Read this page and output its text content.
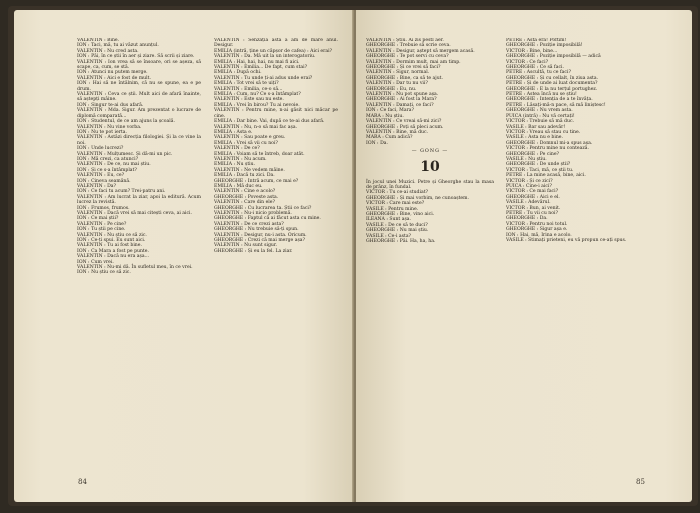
VALENTIN : Bine.

ION : Taci, mă, tu ai văzut anunțul.

VALENTIN : Nu cred asta.

ION : Păi, în ce știi în aer și ziare. Să scrii și ziare.

VALENTIN : Ion vrea să se însoare, ori se așeza, să scape, ca, cum, se stă.

ION : Atunci nu putem merge.

VALENTIN : Aici e fost de mult.

ION : Hai să ne întâlnim, că nu se spune, ea e pe drum.

VALENTIN : Ceva ce știi. Mult aici de afară înainte, să aștepți mâine.

ION : Singur te-ai dus afară.

VALENTIN : Mda. Sigur. Am prezentat o lucrare de diplomă comparată...

ION : Studentul, de ce am ajuns la școală.

VALENTIN : Nu vine vorba.

ION : Nu te pot ierta.

VALENTIN : Astăzi direcția filologiei. Și la ce vine la noi.

ION : Unde lucrezi?

VALENTIN : Mulțumesc. Și dă-mi un pic.

ION : Mă crezi, ca atunci?

VALENTIN : De ce, nu mai știu.

ION : Și ce s-a întâmplat?

VALENTIN : Eu, ce?

ION : Cineva seamănă.

VALENTIN : Da?

ION : Ce faci tu acum? Trei-patru ani.

VALENTIN : Am lucrat la ziar, apoi la editură. Acum lucrez la revistă.

ION : Frumos, frumos.

VALENTIN : Dacă vrei să mai citești ceva, ai aici.

ION : Ce mai știi?

VALENTIN : Pe cine?

ION : Tu știi pe cine.

VALENTIN : Nu știu ce să zic.

ION : Ce-ți spui. Eu sunt aici.

VALENTIN : Tu ai fost bine.

ION : Ca Mara a fost pe punte.

VALENTIN : Dacă nu era așa...

ION : Cum vrei.

VALENTIN : Nu-mi dă. În sufletul meu, în ce vrei.

ION : Nu știu ce să zic.

VALENTIN : Senzația asta a am de mare anul. Desigur.

EMILIA (intră, ține un căpșor de cafea) : Aici erai?

VALENTIN : Da. Mă uit la un interogatoriu.

EMILIA : Hai, hai, hai, nu mai fi aici.

VALENTIN : Emilia... De fapt, cum stai?

EMILIA : După ochi.

VALENTIN : Tu unde ți-ai adus unde erai?

EMILIA : Tot vrei să te uiți?

VALENTIN : Emilia, ce-o să...

EMILIA : Cum, nu? Ce s-a întâmplat?

VALENTIN : Este sau nu este.

EMILIA : Vrei în birou? Tu ai nevoie.

VALENTIN : Pentru mine, n-ai găsit nici măcar pe cine.

EMILIA : Dar bine. Vai, după ce te-ai dus afară.

VALENTIN : Nu, n-o să mai fac așa.

EMILIA : Asta e.

VALENTIN : Sau poate e greu.

EMILIA : Vrei să vii cu noi?

VALENTIN : De ce?

EMILIA : Voiam să te întreb, doar atât.

VALENTIN : Nu acum.

EMILIA : Nu știu.

VALENTIN : Ne vedem mâine.

EMILIA : Dacă tu zici. Da.

GHEORGHE : Intră acum, ce mai e?

EMILIA : Mă duc eu.

VALENTIN : Cine e acolo?

GHEORGHE : Poveste asta.

VALENTIN : Care din ele?

GHEORGHE : Cu lucrarea ta. Știi ce faci?

VALENTIN : Nu-i nicio problemă.

GHEORGHE : Faptul că ai făcut asta cu mine.

VALENTIN : De ce crezi asta?

GHEORGHE : Nu trebuie să-ți spun.

VALENTIN : Desigur, nu-i asta. Oricum.

GHEORGHE : Crezi că mai merge așa?

VALENTIN : Nu sunt sigur.

GHEORGHE : Și eu la fel. La ziar.

84

VALENTIN : Știu. Ai zis pestl aer.

GHEORGHE : Trebuie să scrie ceva.

VALENTIN : Desigur, aștept să mergem acasă.

GHEORGHE : Te pot servi cu ceva?

VALENTIN : Dormim mult, mai am timp.

GHEORGHE : Și ce vrei să faci?

VALENTIN : Sigur, normal.

GHEORGHE : Bine, ca să te ajut.

VALENTIN : Dar tu nu vii?

GHEORGHE : Eu, nu.

VALENTIN : Nu pot spune așa.

GHEORGHE : Ai fost la Mara?

VALENTIN : Damați, ce faci?

ION : Ce faci, Mara?

MARA : Nu știu.

VALENTIN : Ce vreai să-mi zici?

GHEORGHE : Poți să pleci acum.

VALENTIN : Bine, mă duc.

MARA : Cum adică?

ION : Da.

— GONG —
10

În jocul unei Muzici. Petre și Gheorghe stau la masa de prânz, în fundal.

VICTOR : Tu ce-ai studiat?

GHEORGHE : Și mai vorbim, ne cunoaștem.

VICTOR : Care mai este?

VASILE : Pentru mine.

GHEORGHE : Bine, vino aici.

ILEANA : Sunt așa.

VASILE : De ce să te duci?

GHEORGHE : Nu mai știu.

VASILE : Ce-i asta?

GHEORGHE : Păi. Ha, ha, ha.

PETRE : Asta era! Poftim!

GHEORGHE : Poziție imposibilă!

VICTOR : Bine, bine...

GHEORGHE : Poziție imposibilă — adică

VICTOR : Ce faci?

GHEORGHE : Ce să faci.

PETRE : Ascultă, tu ce faci?

GHEORGHE : Și cu cellalt, în ziua asta.

PETRE : Și de unde ai luat documenta?

GHEORGHE : E la nu terțul portughez.

PETRE : Astea încă nu se știu!

GHEORGHE : Intenția de a te învăța.

PETRE : Lăsați-mă-n pace, să mă liniștesc!

GHEORGHE : Nu vrem asta.

PUICA (intră) : Nu vă certați!

VICTOR : Trebuie să mă duc.

VASILE : Bar sau adevăr!

VICTOR : Vreau să stau cu tine.

VASILE : Asta nu e bine.

GHEORGHE : Domnul mi-a spus așa.

VICTOR : Pentru mine nu contează.

GHEORGHE : Pe cine?

VASILE : Nu știu.

GHEORGHE : De unde știi?

VICTOR : Taci, mă, ce știi tu.

PETRE : La mine acasă, bine, aici.

VICTOR : Și ce zici?

PUICA : Cine-i aici?

VICTOR : Ce mai faci?

GHEORGHE : Aici e el.

VASILE : Adevărul.

VICTOR : Bun, ai venit.

PETRE : Tu vii cu noi?

GHEORGHE : Da.

VICTOR : Pentru noi totul.

GHEORGHE : Sigur așa e.

ION : Hai, mă, Irina e acolo.

VASILE : Stimați prieteni, eu vă propun ce-ați spus.

85
